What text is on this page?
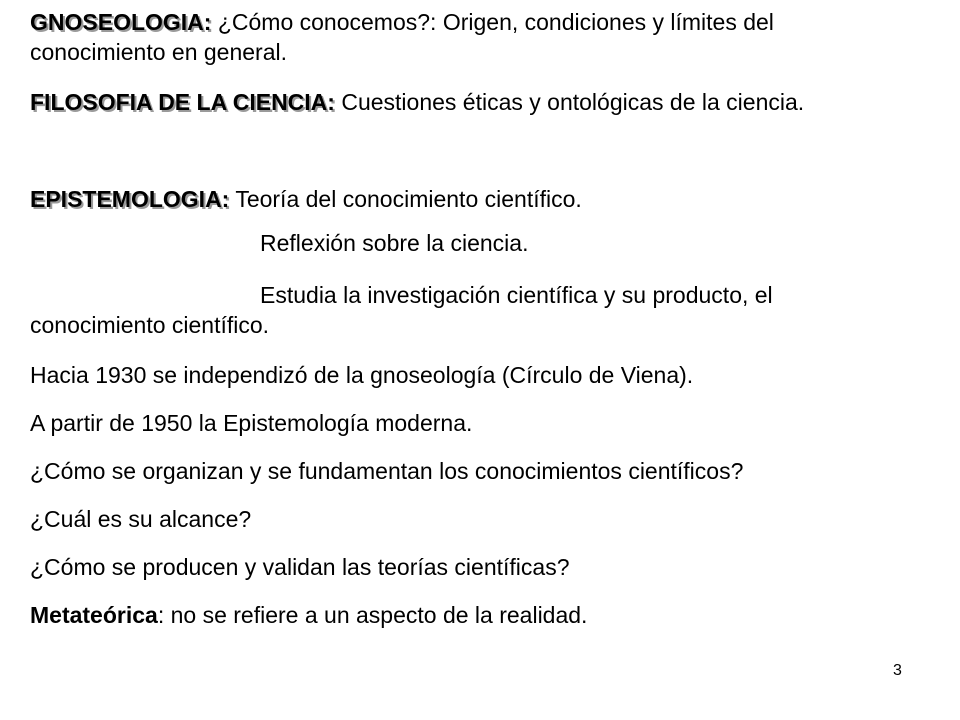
GNOSEOLOGIA: ¿Cómo conocemos?: Origen, condiciones y límites del conocimiento en general.
FILOSOFIA DE LA CIENCIA: Cuestiones éticas y ontológicas de la ciencia.
EPISTEMOLOGIA: Teoría del conocimiento científico.
Reflexión sobre la ciencia.
Estudia la investigación científica y su producto, el conocimiento científico.
Hacia 1930 se independizó de la gnoseología (Círculo de Viena).
A partir de 1950 la Epistemología moderna.
¿Cómo se organizan y se fundamentan los conocimientos científicos?
¿Cuál es su alcance?
¿Cómo se producen y validan las teorías científicas?
Metateórica: no se refiere a un aspecto de la realidad.
3
